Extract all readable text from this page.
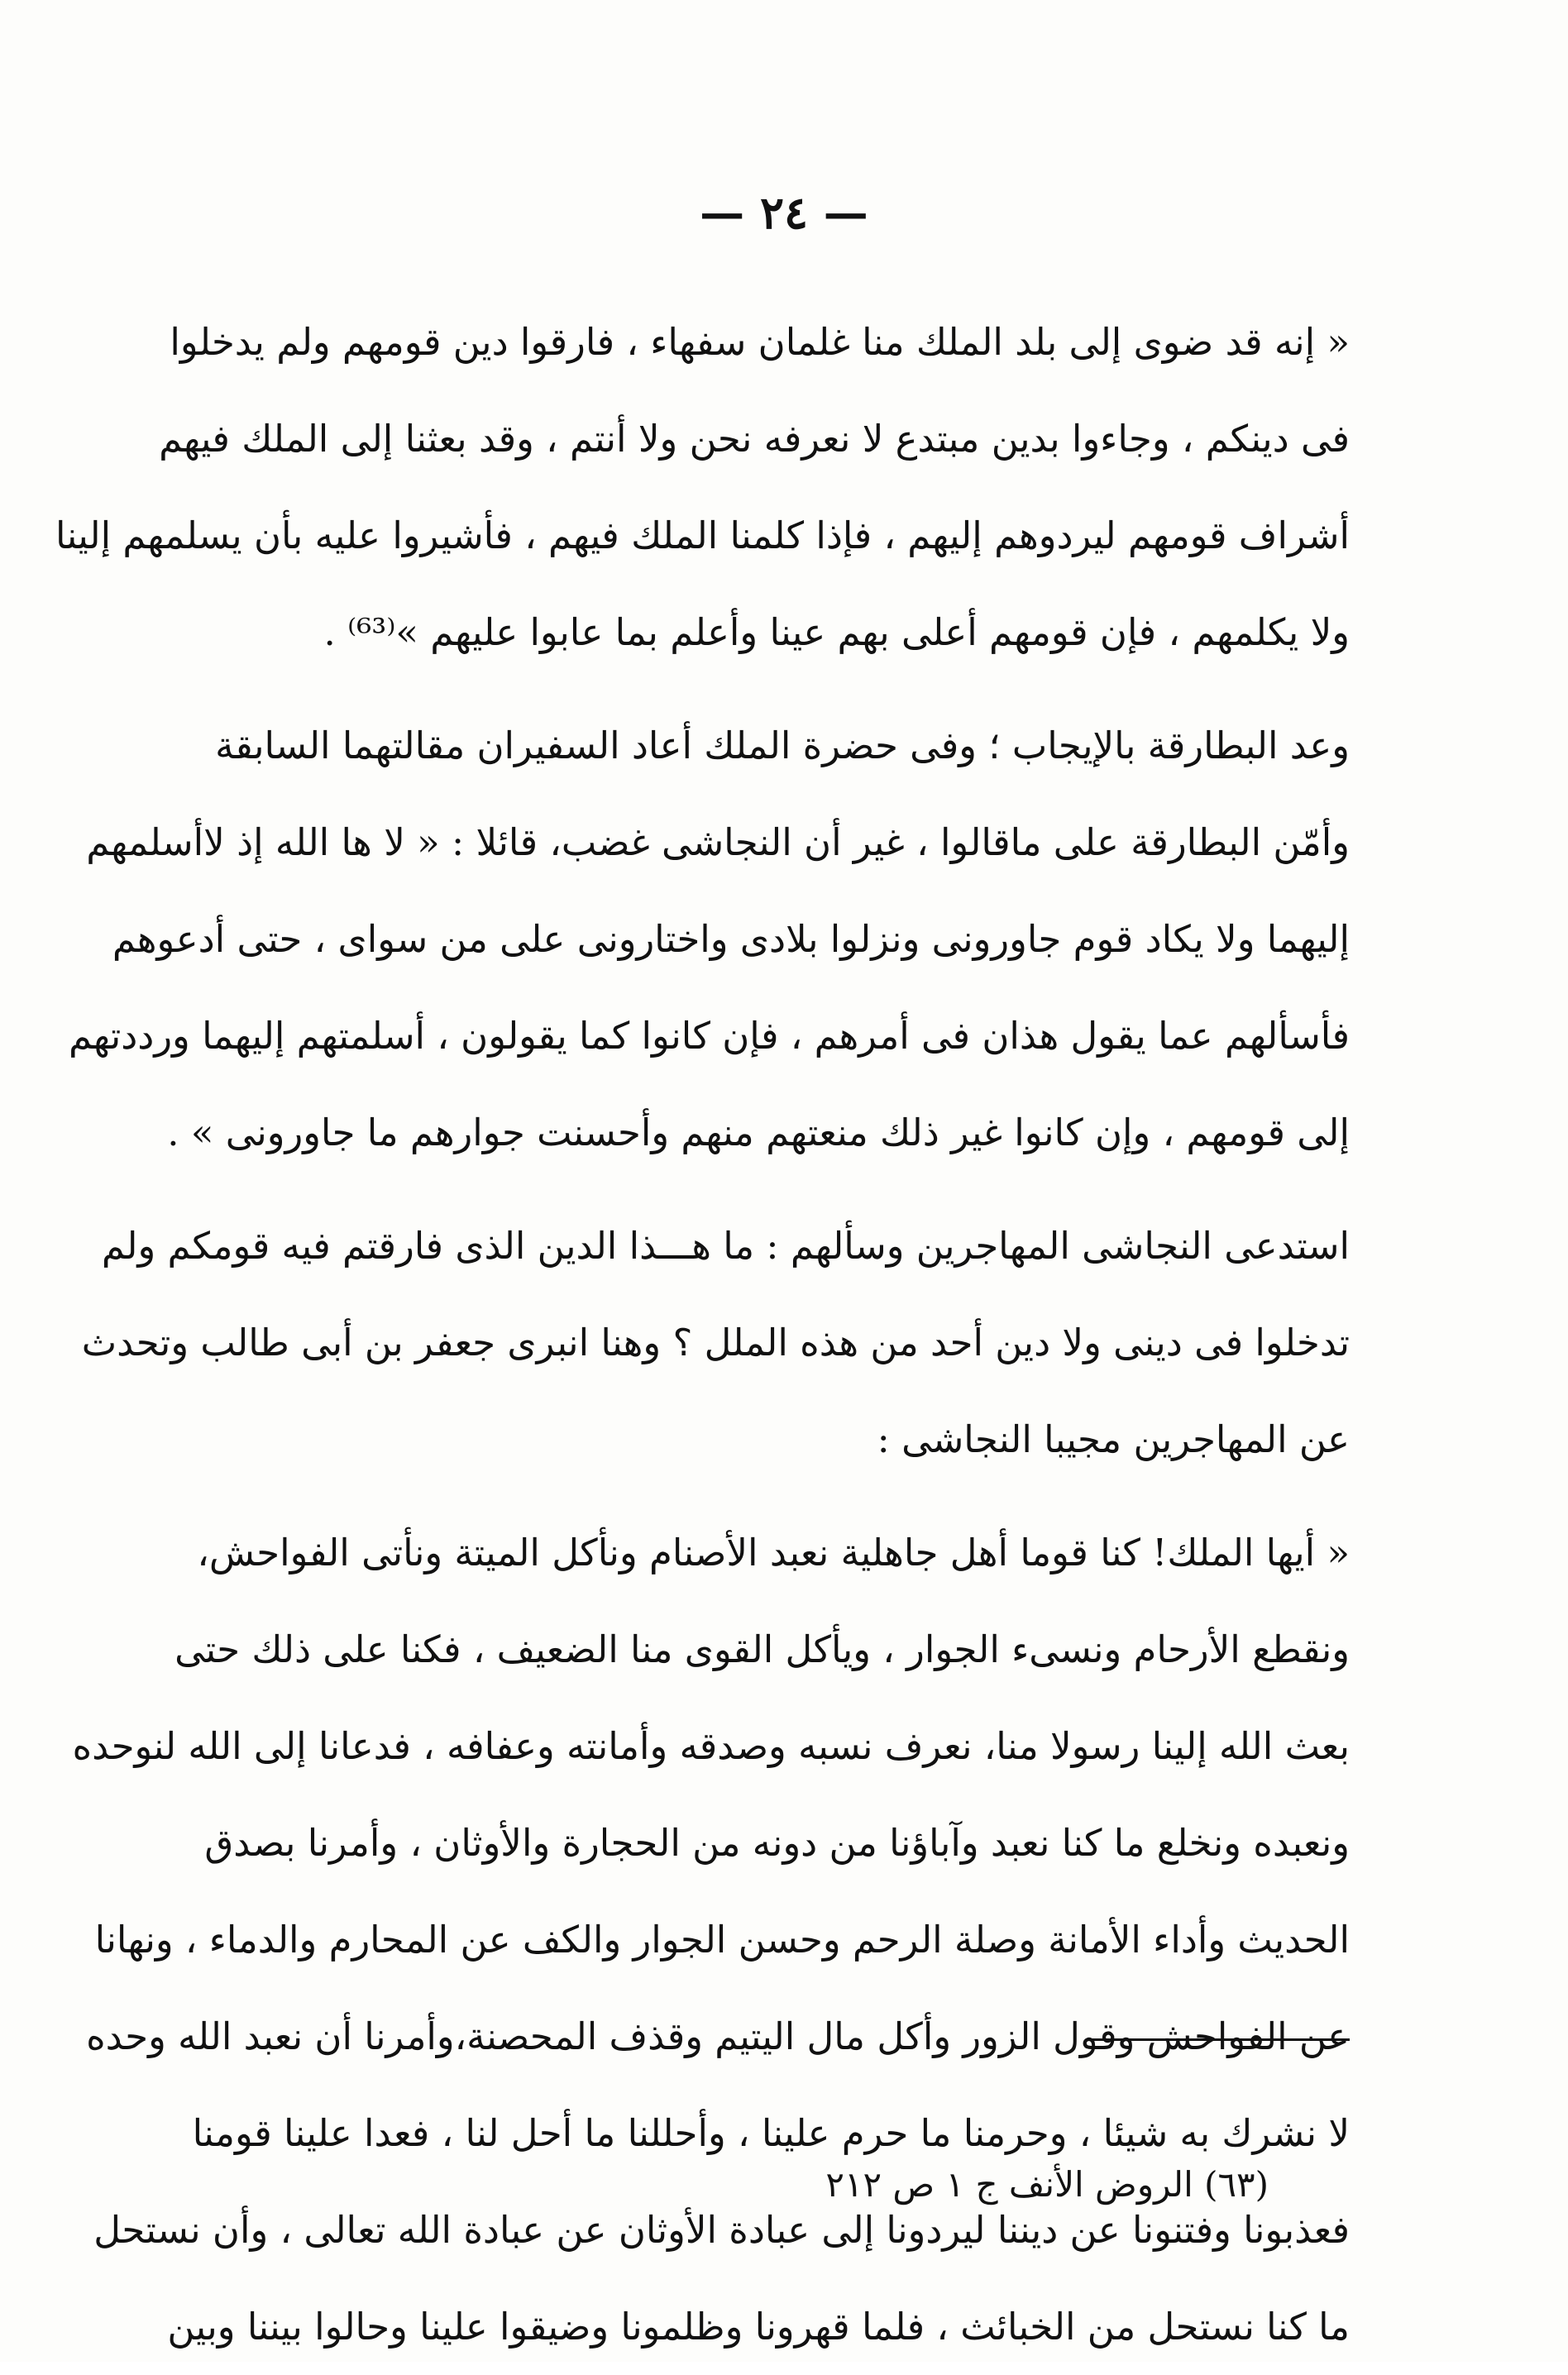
— ٢٤ —
« إنه قد ضوى إلى بلد الملك منا غلمان سفهاء ، فارقوا دين قومهم ولم يدخلوا
فى دينكم ، وجاءوا بدين مبتدع لا نعرفه نحن ولا أنتم ، وقد بعثنا إلى الملك فيهم
أشراف قومهم ليردوهم إليهم ، فإذا كلمنا الملك فيهم ، فأشيروا عليه بأن يسلمهم إلينا
ولا يكلمهم ، فإن قومهم أعلى بهم عينا وأعلم بما عابوا عليهم »⁽⁶³⁾ .
وعد البطارقة بالإيجاب ؛ وفى حضرة الملك أعاد السفيران مقالتهما السابقة
وأمّن البطارقة على ماقالوا ، غير أن النجاشى غضب، قائلا : « لا ها الله إذ لاأسلمهم
إليهما ولا يكاد قوم جاورونى ونزلوا بلادى واختارونى على من سواى ، حتى أدعوهم
فأسألهم عما يقول هذان فى أمرهم ، فإن كانوا كما يقولون ، أسلمتهم إليهما ورددتهم
إلى قومهم ، وإن كانوا غير ذلك منعتهم منهم وأحسنت جوارهم ما جاورونى » .
استدعى النجاشى المهاجرين وسألهم : ما هـــذا الدين الذى فارقتم فيه قومكم ولم
تدخلوا فى دينى ولا دين أحد من هذه الملل ؟ وهنا انبرى جعفر بن أبى طالب وتحدث
عن المهاجرين مجيبا النجاشى :
« أيها الملك! كنا قوما أهل جاهلية نعبد الأصنام ونأكل الميتة ونأتى الفواحش،
ونقطع الأرحام ونسىء الجوار ، ويأكل القوى منا الضعيف ، فكنا على ذلك حتى
بعث الله إلينا رسولا منا، نعرف نسبه وصدقه وأمانته وعفافه ، فدعانا إلى الله لنوحده
ونعبده ونخلع ما كنا نعبد وآباؤنا من دونه من الحجارة والأوثان ، وأمرنا بصدق
الحديث وأداء الأمانة وصلة الرحم وحسن الجوار والكف عن المحارم والدماء ، ونهانا
عن الفواحش وقول الزور وأكل مال اليتيم وقذف المحصنة،وأمرنا أن نعبد الله وحده
لا نشرك به شيئا ، وحرمنا ما حرم علينا ، وأحللنا ما أحل لنا ، فعدا علينا قومنا
فعذبونا وفتنونا عن ديننا ليردونا إلى عبادة الأوثان عن عبادة الله تعالى ، وأن نستحل
ما كنا نستحل من الخبائث ، فلما قهرونا وظلمونا وضيقوا علينا وحالوا بيننا وبين
(٦٣) الروض الأنف ج ١ ص ٢١٢
